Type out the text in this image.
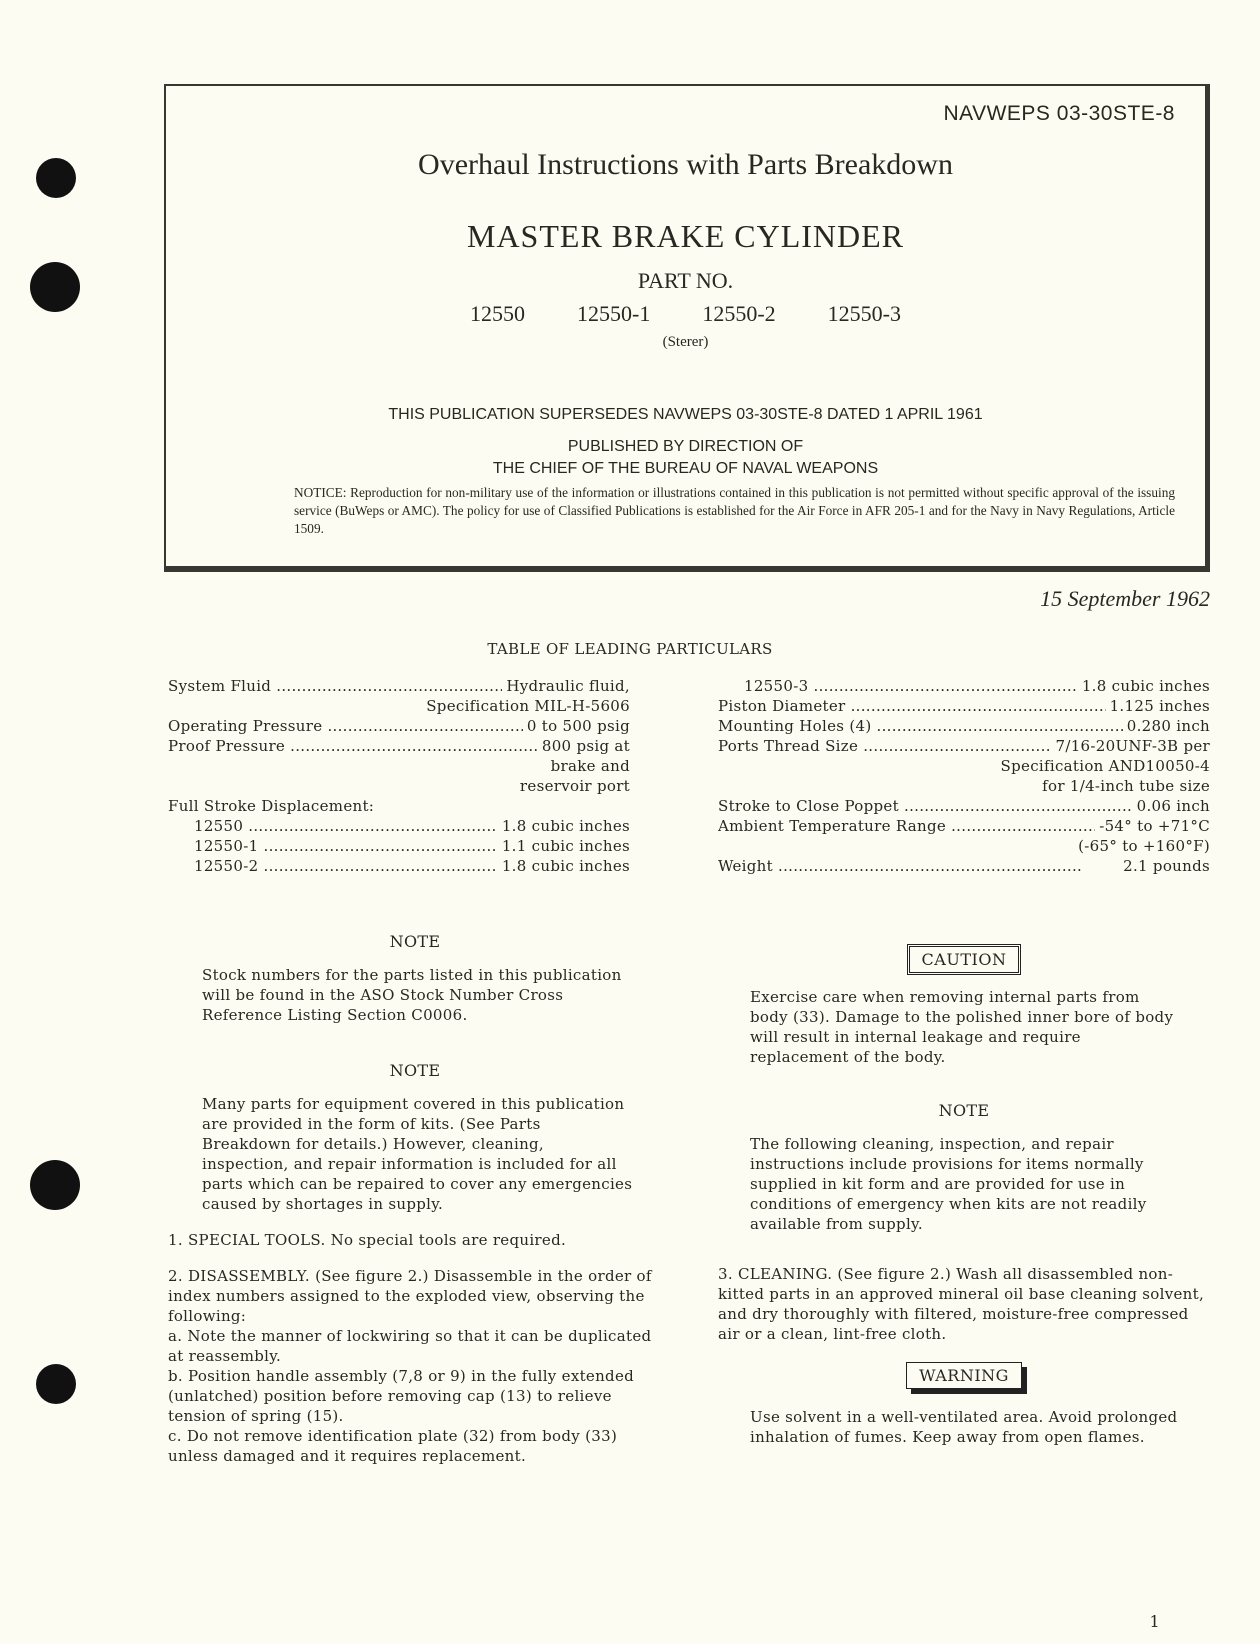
NAVWEPS 03-30STE-8
Overhaul Instructions with Parts Breakdown
MASTER BRAKE CYLINDER
PART NO.
12550 12550-1 12550-2 12550-3
(Sterer)
THIS PUBLICATION SUPERSEDES NAVWEPS 03-30STE-8 DATED 1 APRIL 1961
PUBLISHED BY DIRECTION OF
THE CHIEF OF THE BUREAU OF NAVAL WEAPONS
NOTICE: Reproduction for non-military use of the information or illustrations contained in this publication is not permitted without specific approval of the issuing service (BuWeps or AMC). The policy for use of Classified Publications is established for the Air Force in AFR 205-1 and for the Navy in Navy Regulations, Article 1509.
15 September 1962
TABLE OF LEADING PARTICULARS
System Fluid .....	Hydraulic fluid,
Specification MIL-H-5606
Operating Pressure .....	0 to 500 psig
Proof Pressure .....	800 psig at
brake and
reservoir port
Full Stroke Displacement:
12550 .....	1.8 cubic inches
12550-1 .....	1.1 cubic inches
12550-2 .....	1.8 cubic inches
12550-3 .....	1.8 cubic inches
Piston Diameter .....	1.125 inches
Mounting Holes (4) .....	0.280 inch
Ports Thread Size .....	7/16-20UNF-3B per
Specification AND10050-4
for 1/4-inch tube size
Stroke to Close Poppet .....	0.06 inch
Ambient Temperature Range .....	-54° to +71°C
(-65° to +160°F)
Weight .....	2.1 pounds
NOTE
Stock numbers for the parts listed in this publication will be found in the ASO Stock Number Cross Reference Listing Section C0006.
NOTE
Many parts for equipment covered in this publication are provided in the form of kits. (See Parts Breakdown for details.) However, cleaning, inspection, and repair information is included for all parts which can be repaired to cover any emergencies caused by shortages in supply.
1. SPECIAL TOOLS. No special tools are required.
2. DISASSEMBLY. (See figure 2.) Disassemble in the order of index numbers assigned to the exploded view, observing the following:
a. Note the manner of lockwiring so that it can be duplicated at reassembly.
b. Position handle assembly (7,8 or 9) in the fully extended (unlatched) position before removing cap (13) to relieve tension of spring (15).
c. Do not remove identification plate (32) from body (33) unless damaged and it requires replacement.
CAUTION
Exercise care when removing internal parts from body (33). Damage to the polished inner bore of body will result in internal leakage and require replacement of the body.
NOTE
The following cleaning, inspection, and repair instructions include provisions for items normally supplied in kit form and are provided for use in conditions of emergency when kits are not readily available from supply.
3. CLEANING. (See figure 2.) Wash all disassembled non-kitted parts in an approved mineral oil base cleaning solvent, and dry thoroughly with filtered, moisture-free compressed air or a clean, lint-free cloth.
WARNING
Use solvent in a well-ventilated area. Avoid prolonged inhalation of fumes. Keep away from open flames.
1
